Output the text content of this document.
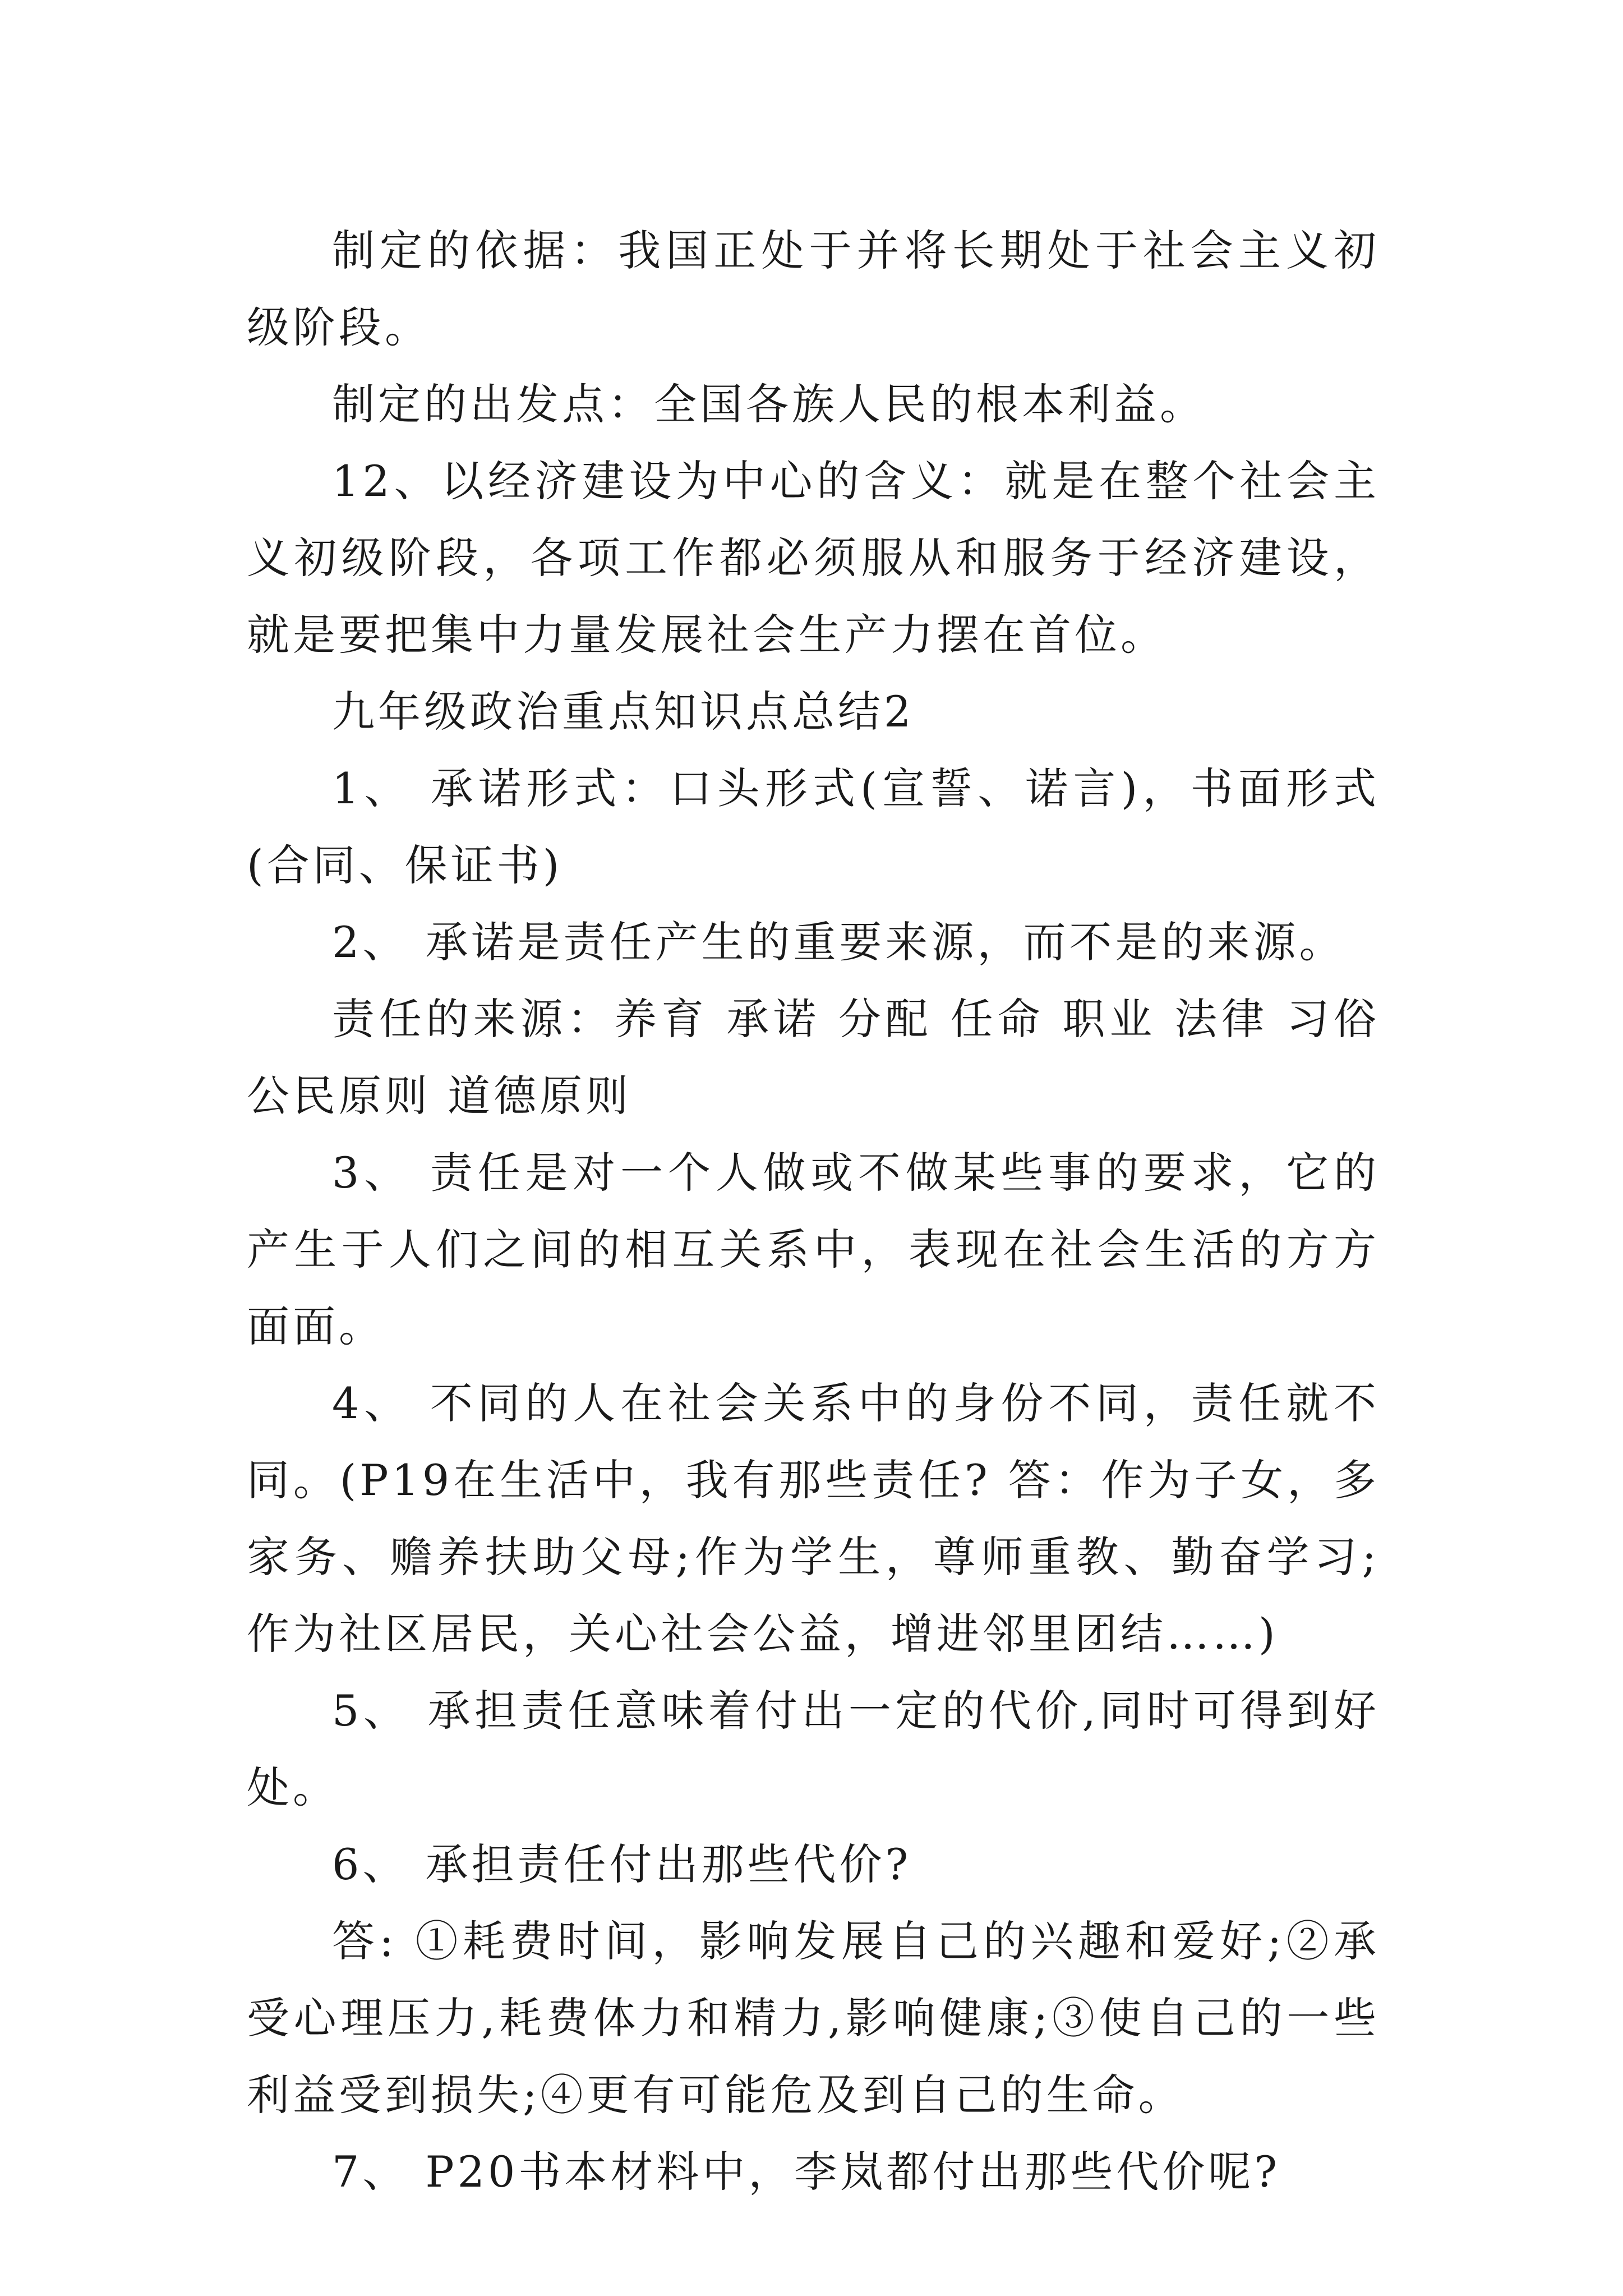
制定的依据：我国正处于并将长期处于社会主义初级阶段。

制定的出发点：全国各族人民的根本利益。

12、以经济建设为中心的含义：就是在整个社会主义初级阶段，各项工作都必须服从和服务于经济建设，就是要把集中力量发展社会生产力摆在首位。

九年级政治重点知识点总结2

1、 承诺形式：口头形式(宣誓、诺言)，书面形式(合同、保证书)

2、 承诺是责任产生的重要来源，而不是的来源。

责任的来源：养育 承诺 分配 任命 职业 法律 习俗 公民原则 道德原则

3、 责任是对一个人做或不做某些事的要求，它的产生于人们之间的相互关系中，表现在社会生活的方方面面。

4、 不同的人在社会关系中的身份不同，责任就不同。(P19在生活中，我有那些责任? 答：作为子女，多家务、赡养扶助父母;作为学生，尊师重教、勤奋学习;作为社区居民，关心社会公益，增进邻里团结……)

5、 承担责任意味着付出一定的代价,同时可得到好处。

6、 承担责任付出那些代价?

答: ①耗费时间，影响发展自己的兴趣和爱好;②承受心理压力,耗费体力和精力,影响健康;③使自己的一些利益受到损失;④更有可能危及到自己的生命。

7、 P20书本材料中，李岚都付出那些代价呢?
